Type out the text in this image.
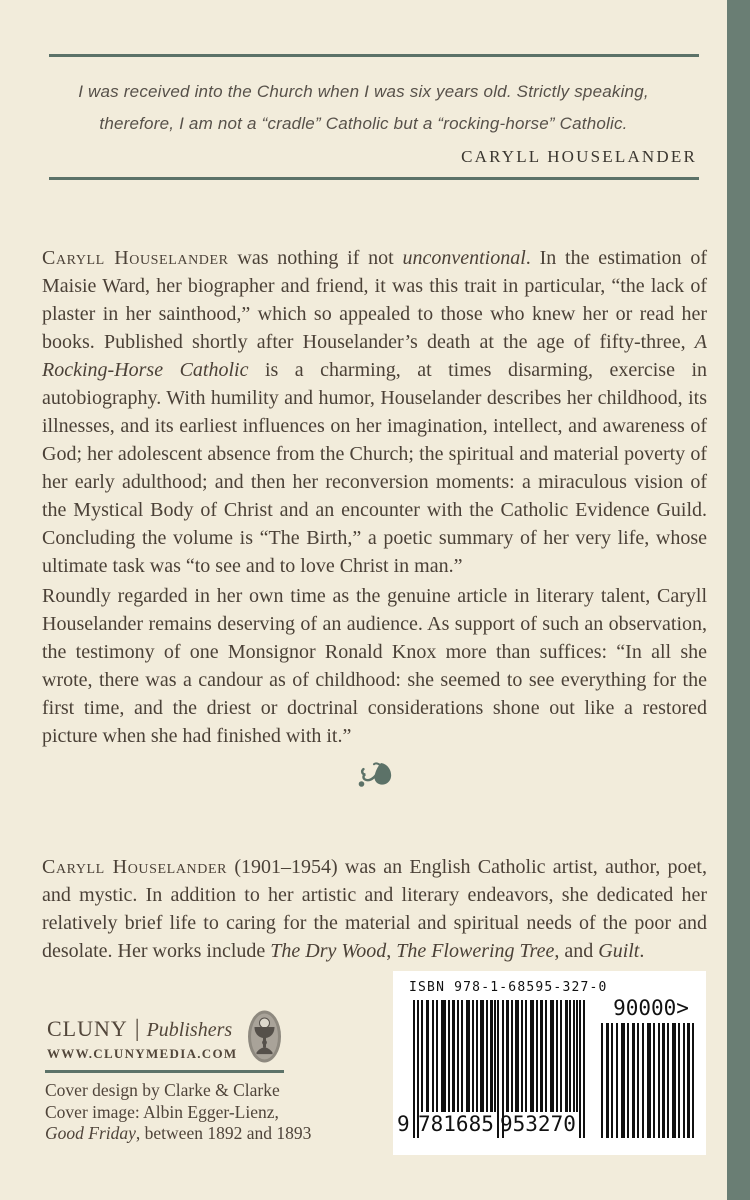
I was received into the Church when I was six years old. Strictly speaking,
therefore, I am not a “cradle” Catholic but a “rocking-horse” Catholic.
CARYLL HOUSELANDER

Caryll Houselander was nothing if not unconventional. In the estimation of Maisie Ward, her biographer and friend, it was this trait in particular, “the lack of plaster in her sainthood,” which so appealed to those who knew her or read her books. Published shortly after Houselander’s death at the age of fifty-three, A Rocking-Horse Catholic is a charming, at times disarming, exercise in autobiography. With humility and humor, Houselander describes her childhood, its illnesses, and its earliest influences on her imagination, intellect, and awareness of God; her adolescent absence from the Church; the spiritual and material poverty of her early adulthood; and then her reconversion moments: a miraculous vision of the Mystical Body of Christ and an encounter with the Catholic Evidence Guild. Concluding the volume is “The Birth,” a poetic summary of her very life, whose ultimate task was “to see and to love Christ in man.”

Roundly regarded in her own time as the genuine article in literary talent, Caryll Houselander remains deserving of an audience. As support of such an observation, the testimony of one Monsignor Ronald Knox more than suffices: “In all she wrote, there was a candour as of childhood: she seemed to see everything for the first time, and the driest or doctrinal considerations shone out like a restored picture when she had finished with it.”

Caryll Houselander (1901–1954) was an English Catholic artist, author, poet, and mystic. In addition to her artistic and literary endeavors, she dedicated her relatively brief life to caring for the material and spiritual needs of the poor and desolate. Her works include The Dry Wood, The Flowering Tree, and Guilt.

CLUNY | Publishers
WWW.CLUNYMEDIA.COM
Cover design by Clarke & Clarke
Cover image: Albin Egger-Lienz,
Good Friday, between 1892 and 1893
ISBN 978-1-68595-327-0
9 781685 953270
90000>
